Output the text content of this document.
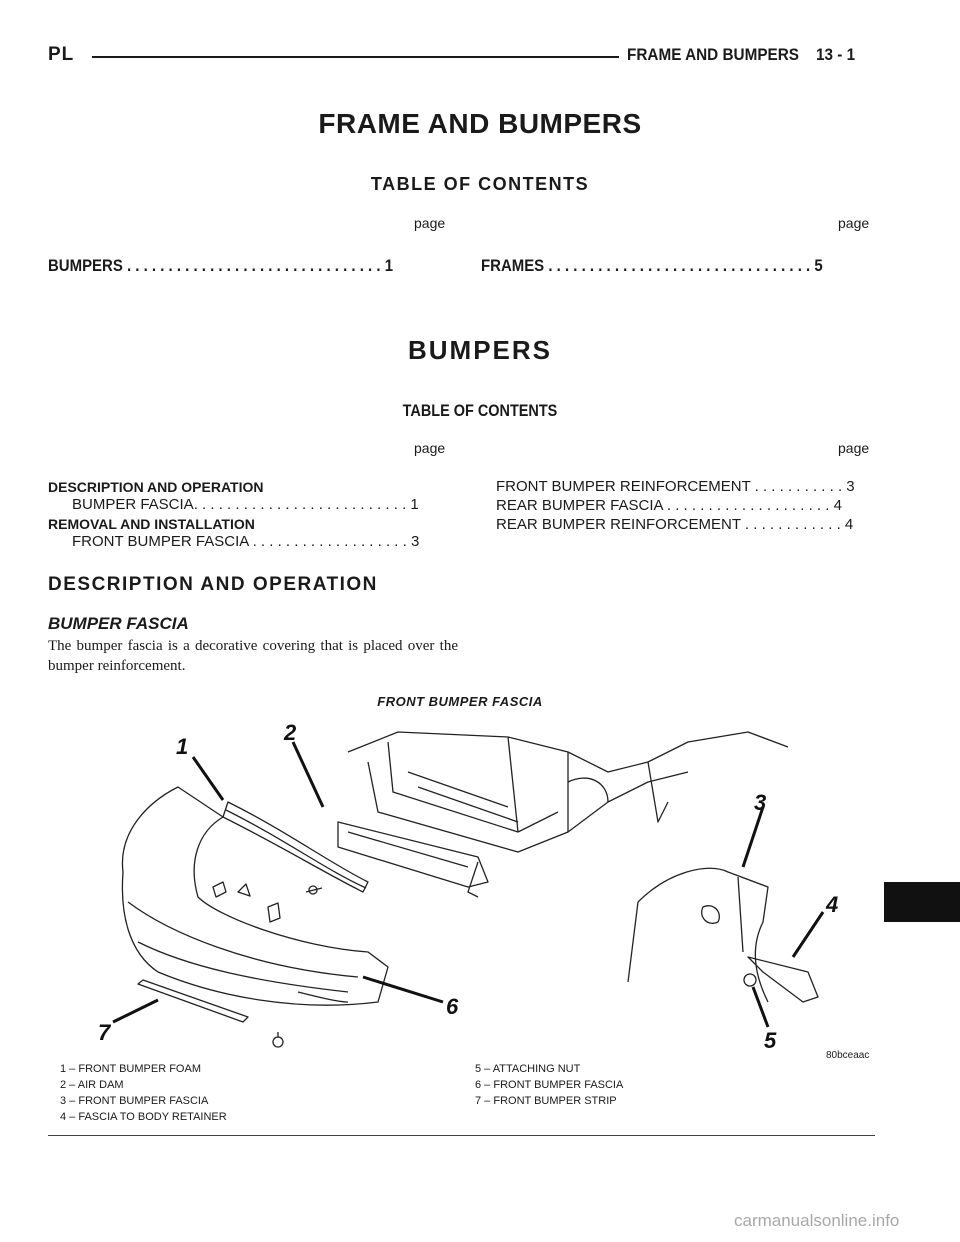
PL	FRAME AND BUMPERS    13 - 1
FRAME AND BUMPERS
TABLE OF CONTENTS
page	page
BUMPERS . . . . . . . . . . . . . . . . . . . . . . . . . . . . . . . 1	FRAMES . . . . . . . . . . . . . . . . . . . . . . . . . . . . . . . . 5
BUMPERS
TABLE OF CONTENTS
page	page
DESCRIPTION AND OPERATION
BUMPER FASCIA. . . . . . . . . . . . . . . . . . . . . . . . . . 1
REMOVAL AND INSTALLATION
FRONT BUMPER FASCIA . . . . . . . . . . . . . . . . . . . 3
FRONT BUMPER REINFORCEMENT . . . . . . . . . . . 3
REAR BUMPER FASCIA . . . . . . . . . . . . . . . . . . . . 4
REAR BUMPER REINFORCEMENT . . . . . . . . . . . . 4
DESCRIPTION AND OPERATION
BUMPER FASCIA
The bumper fascia is a decorative covering that is placed over the bumper reinforcement.
FRONT BUMPER FASCIA
1
2
3
4
5
6
7
80bceaac
1 – FRONT BUMPER FOAM
2 – AIR DAM
3 – FRONT BUMPER FASCIA
4 – FASCIA TO BODY RETAINER
5 – ATTACHING NUT
6 – FRONT BUMPER FASCIA
7 – FRONT BUMPER STRIP
carmanualsonline.info
